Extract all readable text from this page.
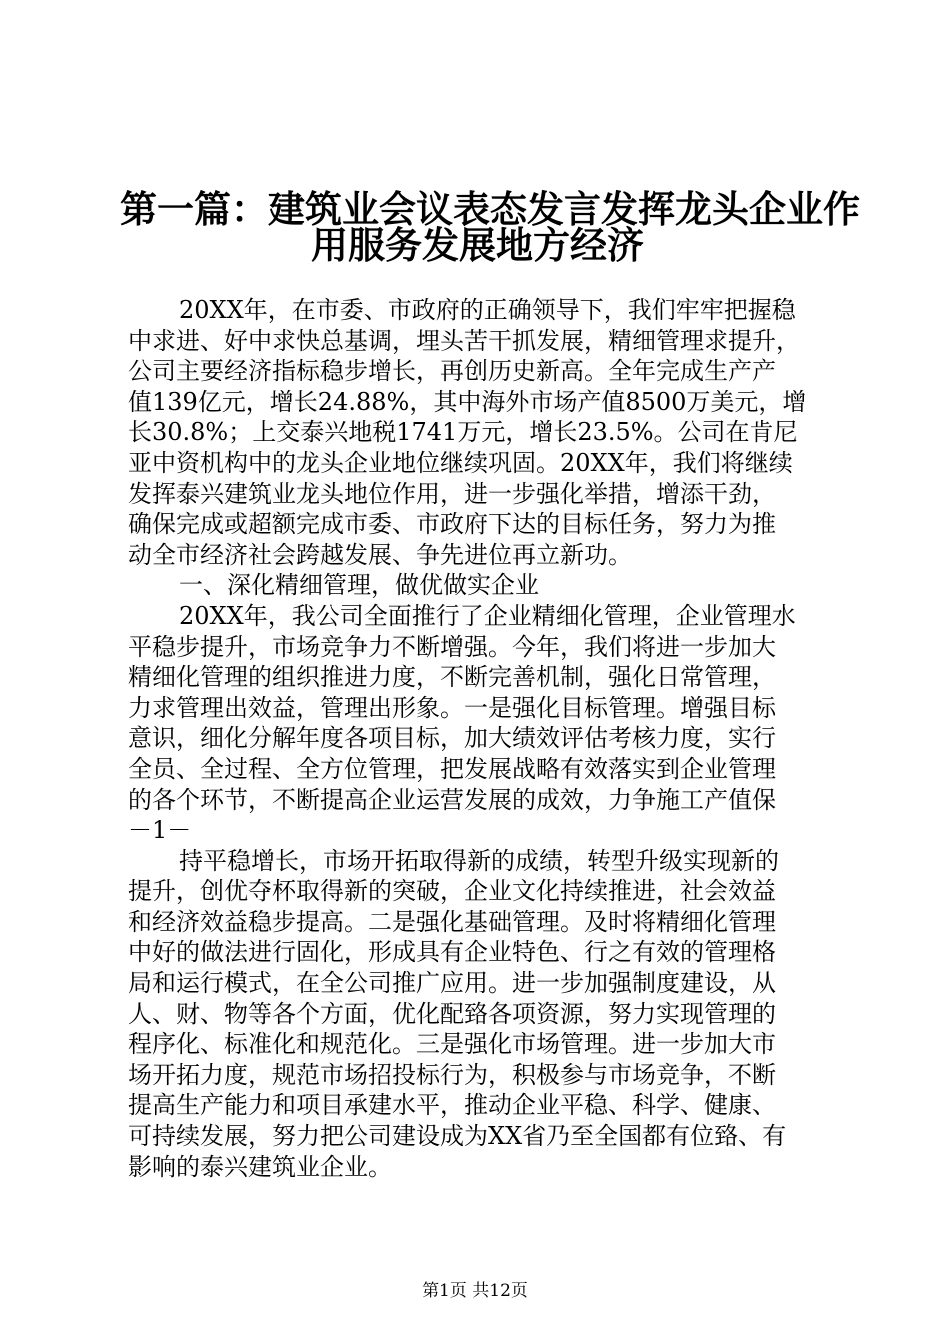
第一篇：建筑业会议表态发言发挥龙头企业作
用服务发展地方经济
20XX年，在市委、市政府的正确领导下，我们牢牢把握稳
中求进、好中求快总基调，埋头苦干抓发展，精细管理求提升，
公司主要经济指标稳步增长，再创历史新高。全年完成生产产
值139亿元，增长24.88%，其中海外市场产值8500万美元，增
长30.8%；上交泰兴地税1741万元，增长23.5%。公司在肯尼
亚中资机构中的龙头企业地位继续巩固。20XX年，我们将继续
发挥泰兴建筑业龙头地位作用，进一步强化举措，增添干劲，
确保完成或超额完成市委、市政府下达的目标任务，努力为推
动全市经济社会跨越发展、争先进位再立新功。
一、深化精细管理，做优做实企业
20XX年，我公司全面推行了企业精细化管理，企业管理水
平稳步提升，市场竞争力不断增强。今年，我们将进一步加大
精细化管理的组织推进力度，不断完善机制，强化日常管理，
力求管理出效益，管理出形象。一是强化目标管理。增强目标
意识，细化分解年度各项目标，加大绩效评估考核力度，实行
全员、全过程、全方位管理，把发展战略有效落实到企业管理
的各个环节，不断提高企业运营发展的成效，力争施工产值保
－1－
持平稳增长，市场开拓取得新的成绩，转型升级实现新的
提升，创优夺杯取得新的突破，企业文化持续推进，社会效益
和经济效益稳步提高。二是强化基础管理。及时将精细化管理
中好的做法进行固化，形成具有企业特色、行之有效的管理格
局和运行模式，在全公司推广应用。进一步加强制度建设，从
人、财、物等各个方面，优化配臵各项资源，努力实现管理的
程序化、标准化和规范化。三是强化市场管理。进一步加大市
场开拓力度，规范市场招投标行为，积极参与市场竞争，不断
提高生产能力和项目承建水平，推动企业平稳、科学、健康、
可持续发展，努力把公司建设成为XX省乃至全国都有位臵、有
影响的泰兴建筑业企业。
第1页 共12页
